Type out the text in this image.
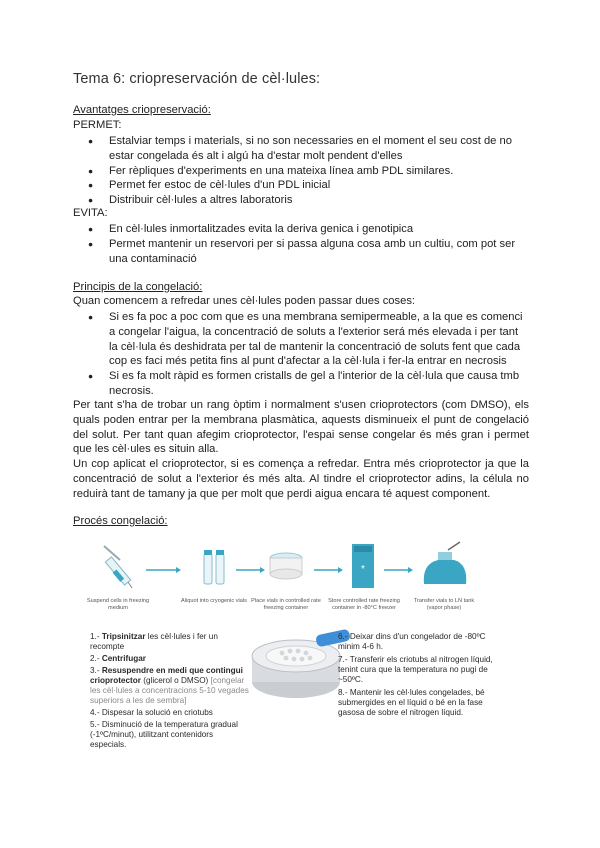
Tema 6: criopreservación de cèl·lules:
Avantatges criopreservació:
PERMET:
● Estalviar temps i materials, si no son necessaries en el moment el seu cost de no estar congelada és alt i algú ha d'estar molt pendent d'elles
● Fer rèpliques d'experiments en una mateixa línea amb PDL similares.
● Permet fer estoc de cèl·lules d'un PDL inicial
● Distribuir cèl·lules a altres laboratoris
EVITA:
● En cèl·lules inmortalitzades evita la deriva genica i genotipica
● Permet mantenir un reservori per si passa alguna cosa amb un cultiu, com pot ser una contaminació
Principis de la congelació:
Quan comencem a refredar unes cèl·lules poden passar dues coses:
● Si es fa poc a poc com que es una membrana semipermeable, a la que es comenci a congelar l'aigua, la concentració de soluts a l'exterior será més elevada i per tant la cèl·lula és deshidrata per tal de mantenir la concentració de soluts fent que cada cop es faci més petita fins al punt d'afectar a la cèl·lula i fer-la entrar en necrosis
● Si es fa molt ràpid es formen cristalls de gel a l'interior de la cèl·lula que causa tmb necrosis.
Per tant s'ha de trobar un rang òptim i normalment s'usen crioprotectors (com DMSO), els quals poden entrar per la membrana plasmàtica, aquests disminueix el punt de congelació del solut. Per tant quan afegim crioprotector, l'espai sense congelar és més gran i permet que les cèl·ules es situin alla.
Un cop aplicat el crioprotector, si es comença a refredar. Entra més crioprotector ja que la concentració de solut a l'exterior és més alta. Al tindre el crioprotector adins, la célula no reduirà tant de tamany ja que per molt que perdi aigua encara té aquest component.
Procés congelació:
*
Suspend cells in freezing medium
Aliquot into cryogenic vials Place vials in controlled rate freezing container
Store controlled rate freezing container in -80°C freezer
Transfer vials to LN tank (vapor phase)
1.- Tripsinitzar les cèl·lules i fer un recompte
2.- Centrifugar
3.- Resuspendre en medi que contingui crioprotector (glicerol o DMSO) [congelar les cèl·lules a concentracions 5-10 vegades superiors a les de sembra]
4.- Dispesar la solució en criotubs
5.- Disminució de la temperatura gradual (-1ºC/minut), utilitzant contenidors especials.
6.- Deixar dins d'un congelador de -80ºC minim 4-6 h.
7.- Transferir els criotubs al nitrogen líquid, tenint cura que la temperatura no pugi de ~50ºC.
8.- Mantenir les cèl·lules congelades, bé submergides en el líquid o bé en la fase gasosa de sobre el nitrogen líquid.
